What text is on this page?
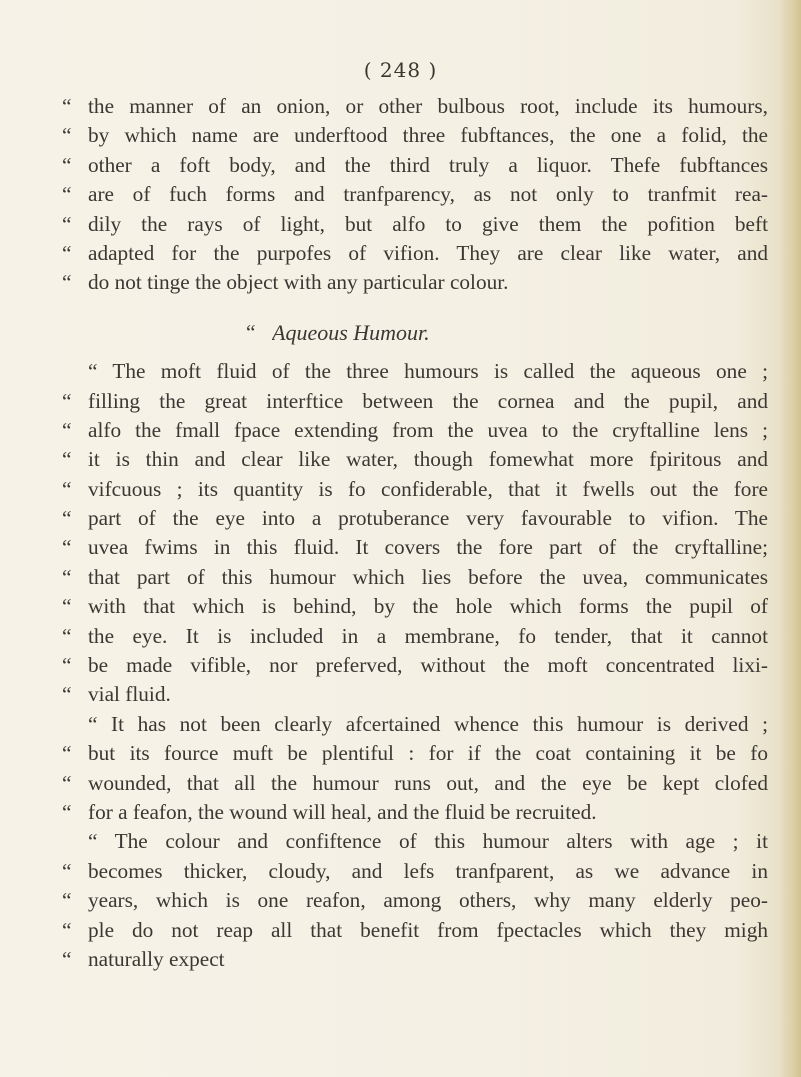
( 248 )
“ the manner of an onion, or other bulbous root, include its humours,
“ by which name are underftood three fubftances, the one a folid, the
“ other a foft body, and the third truly a liquor. Thefe fubftances
“ are of fuch forms and tranfparency, as not only to tranfmit rea-
“ dily the rays of light, but alfo to give them the pofition beft
“ adapted for the purpofes of vifion. They are clear like water, and
“ do not tinge the object with any particular colour.
“ Aqueous Humour.
“ The moft fluid of the three humours is called the aqueous one ;
“ filling the great interftice between the cornea and the pupil, and
“ alfo the fmall fpace extending from the uvea to the cryftalline lens ;
“ it is thin and clear like water, though fomewhat more fpiritous and
“ vifcuous ; its quantity is fo confiderable, that it fwells out the fore
“ part of the eye into a protuberance very favourable to vifion. The
“ uvea fwims in this fluid. It covers the fore part of the cryftalline;
“ that part of this humour which lies before the uvea, communicates
“ with that which is behind, by the hole which forms the pupil of
“ the eye. It is included in a membrane, fo tender, that it cannot
“ be made vifible, nor preferved, without the moft concentrated lixi-
“ vial fluid.
“ It has not been clearly afcertained whence this humour is derived ;
“ but its fource muft be plentiful : for if the coat containing it be fo
“ wounded, that all the humour runs out, and the eye be kept clofed
“ for a feafon, the wound will heal, and the fluid be recruited.
“ The colour and confiftence of this humour alters with age ; it
“ becomes thicker, cloudy, and lefs tranfparent, as we advance in
“ years, which is one reafon, among others, why many elderly peo-
“ ple do not reap all that benefit from fpectacles which they migh
“ naturally expect
